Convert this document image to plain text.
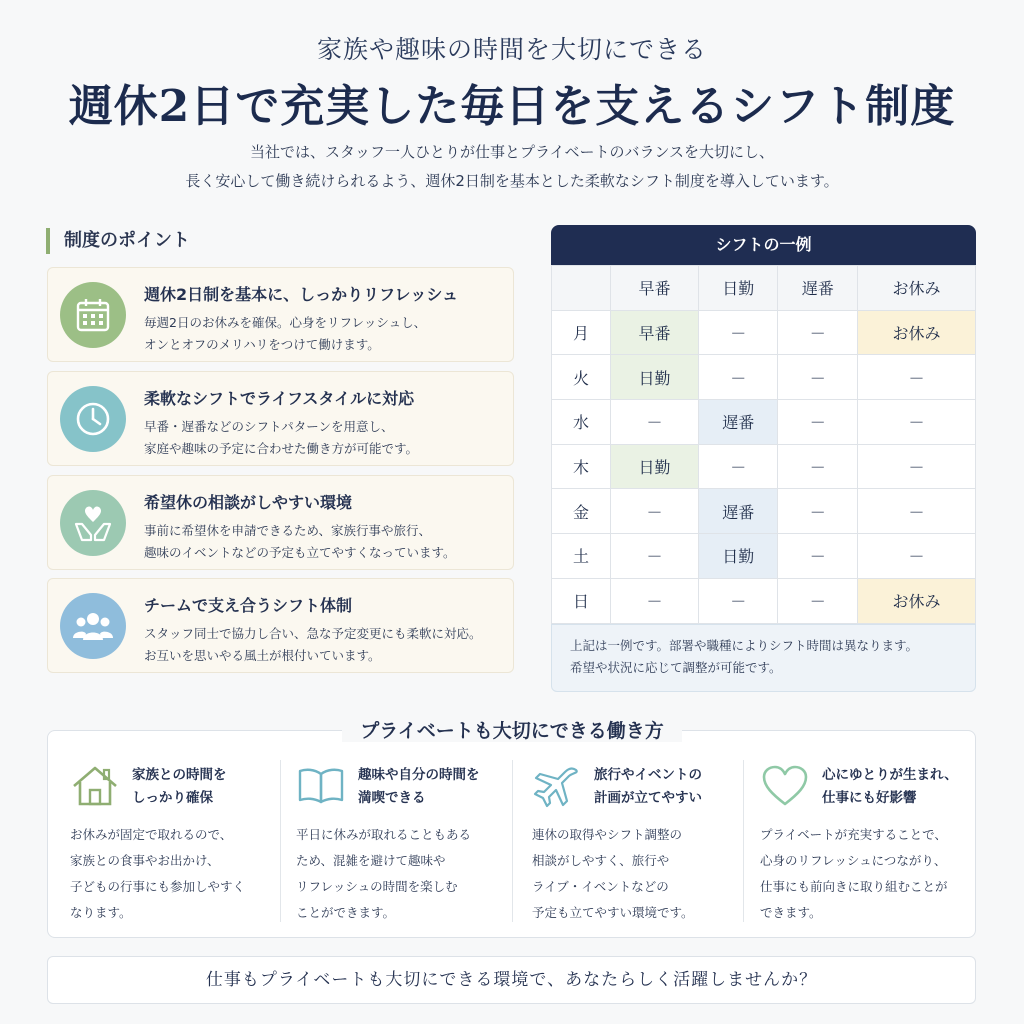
家族や趣味の時間を大切にできる
週休2日で充実した毎日を支えるシフト制度
当社では、スタッフ一人ひとりが仕事とプライベートのバランスを大切にし、
長く安心して働き続けられるよう、週休2日制を基本とした柔軟なシフト制度を導入しています。
制度のポイント
週休2日制を基本に、しっかりリフレッシュ
毎週2日のお休みを確保。心身をリフレッシュし、
オンとオフのメリハリをつけて働けます。
柔軟なシフトでライフスタイルに対応
早番・遅番などのシフトパターンを用意し、
家庭や趣味の予定に合わせた働き方が可能です。
希望休の相談がしやすい環境
事前に希望休を申請できるため、家族行事や旅行、
趣味のイベントなどの予定も立てやすくなっています。
チームで支え合うシフト体制
スタッフ同士で協力し合い、急な予定変更にも柔軟に対応。
お互いを思いやる風土が根付いています。
シフトの一例
	早番	日勤	遅番	お休み
月	早番	－	－	お休み
火	日勤	－	－	－
水	－	遅番	－	－
木	日勤	－	－	－
金	－	遅番	－	－
土	－	日勤	－	－
日	－	－	－	お休み
上記は一例です。部署や職種によりシフト時間は異なります。
希望や状況に応じて調整が可能です。
プライベートも大切にできる働き方
家族との時間を
しっかり確保
お休みが固定で取れるので、
家族との食事やお出かけ、
子どもの行事にも参加しやすく
なります。
趣味や自分の時間を
満喫できる
平日に休みが取れることもある
ため、混雑を避けて趣味や
リフレッシュの時間を楽しむ
ことができます。
旅行やイベントの
計画が立てやすい
連休の取得やシフト調整の
相談がしやすく、旅行や
ライブ・イベントなどの
予定も立てやすい環境です。
心にゆとりが生まれ、
仕事にも好影響
プライベートが充実することで、
心身のリフレッシュにつながり、
仕事にも前向きに取り組むことが
できます。
仕事もプライベートも大切にできる環境で、あなたらしく活躍しませんか？
